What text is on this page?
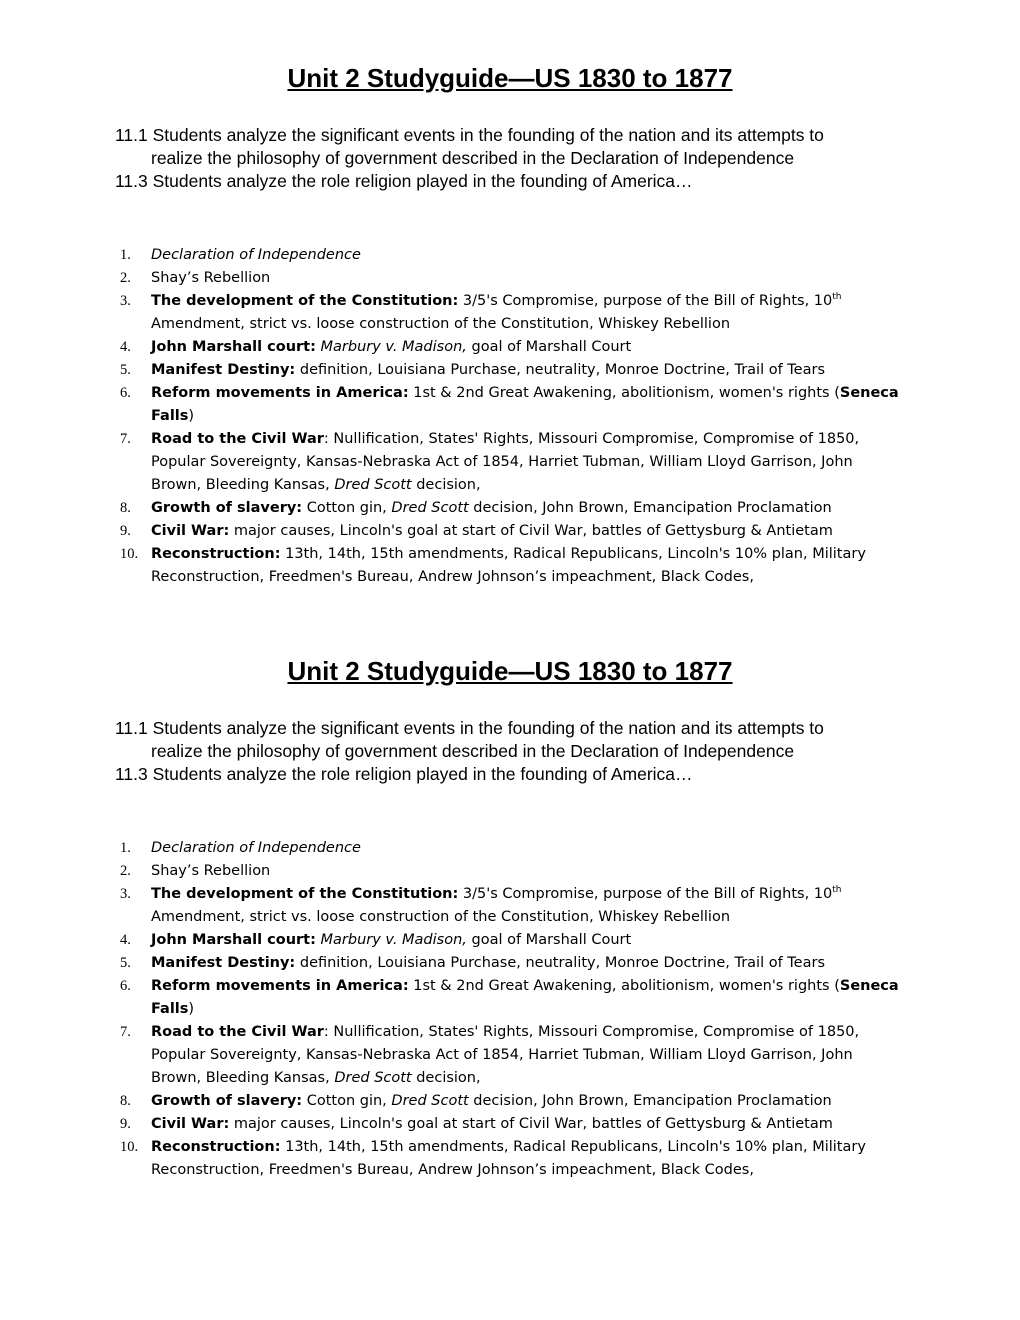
Unit 2 Studyguide—US 1830 to 1877

11.1 Students analyze the significant events in the founding of the nation and its attempts to realize the philosophy of government described in the Declaration of Independence

11.3 Students analyze the role religion played in the founding of America…

1.	Declaration of Independence

2.	Shay’s Rebellion

3.	The development of the Constitution: 3/5's Compromise, purpose of the Bill of Rights, 10th Amendment, strict vs. loose construction of the Constitution, Whiskey Rebellion

4.	John Marshall court: Marbury v. Madison, goal of Marshall Court

5.	Manifest Destiny: definition, Louisiana Purchase, neutrality, Monroe Doctrine, Trail of Tears

6.	Reform movements in America: 1st & 2nd Great Awakening, abolitionism, women's rights (Seneca Falls)

7.	Road to the Civil War: Nullification, States' Rights, Missouri Compromise, Compromise of 1850, Popular Sovereignty, Kansas-Nebraska Act of 1854, Harriet Tubman, William Lloyd Garrison, John Brown, Bleeding Kansas, Dred Scott decision,

8.	Growth of slavery: Cotton gin, Dred Scott decision, John Brown, Emancipation Proclamation

9.	Civil War: major causes, Lincoln's goal at start of Civil War, battles of Gettysburg & Antietam

10. Reconstruction: 13th, 14th, 15th amendments, Radical Republicans, Lincoln's 10% plan, Military Reconstruction, Freedmen's Bureau, Andrew Johnson’s impeachment, Black Codes,

Unit 2 Studyguide—US 1830 to 1877

11.1 Students analyze the significant events in the founding of the nation and its attempts to realize the philosophy of government described in the Declaration of Independence

11.3 Students analyze the role religion played in the founding of America…

1.	Declaration of Independence

2.	Shay’s Rebellion

3.	The development of the Constitution: 3/5's Compromise, purpose of the Bill of Rights, 10th Amendment, strict vs. loose construction of the Constitution, Whiskey Rebellion

4.	John Marshall court: Marbury v. Madison, goal of Marshall Court

5.	Manifest Destiny: definition, Louisiana Purchase, neutrality, Monroe Doctrine, Trail of Tears

6.	Reform movements in America: 1st & 2nd Great Awakening, abolitionism, women's rights (Seneca Falls)

7.	Road to the Civil War: Nullification, States' Rights, Missouri Compromise, Compromise of 1850, Popular Sovereignty, Kansas-Nebraska Act of 1854, Harriet Tubman, William Lloyd Garrison, John Brown, Bleeding Kansas, Dred Scott decision,

8.	Growth of slavery: Cotton gin, Dred Scott decision, John Brown, Emancipation Proclamation

9.	Civil War: major causes, Lincoln's goal at start of Civil War, battles of Gettysburg & Antietam

10. Reconstruction: 13th, 14th, 15th amendments, Radical Republicans, Lincoln's 10% plan, Military Reconstruction, Freedmen's Bureau, Andrew Johnson’s impeachment, Black Codes,
